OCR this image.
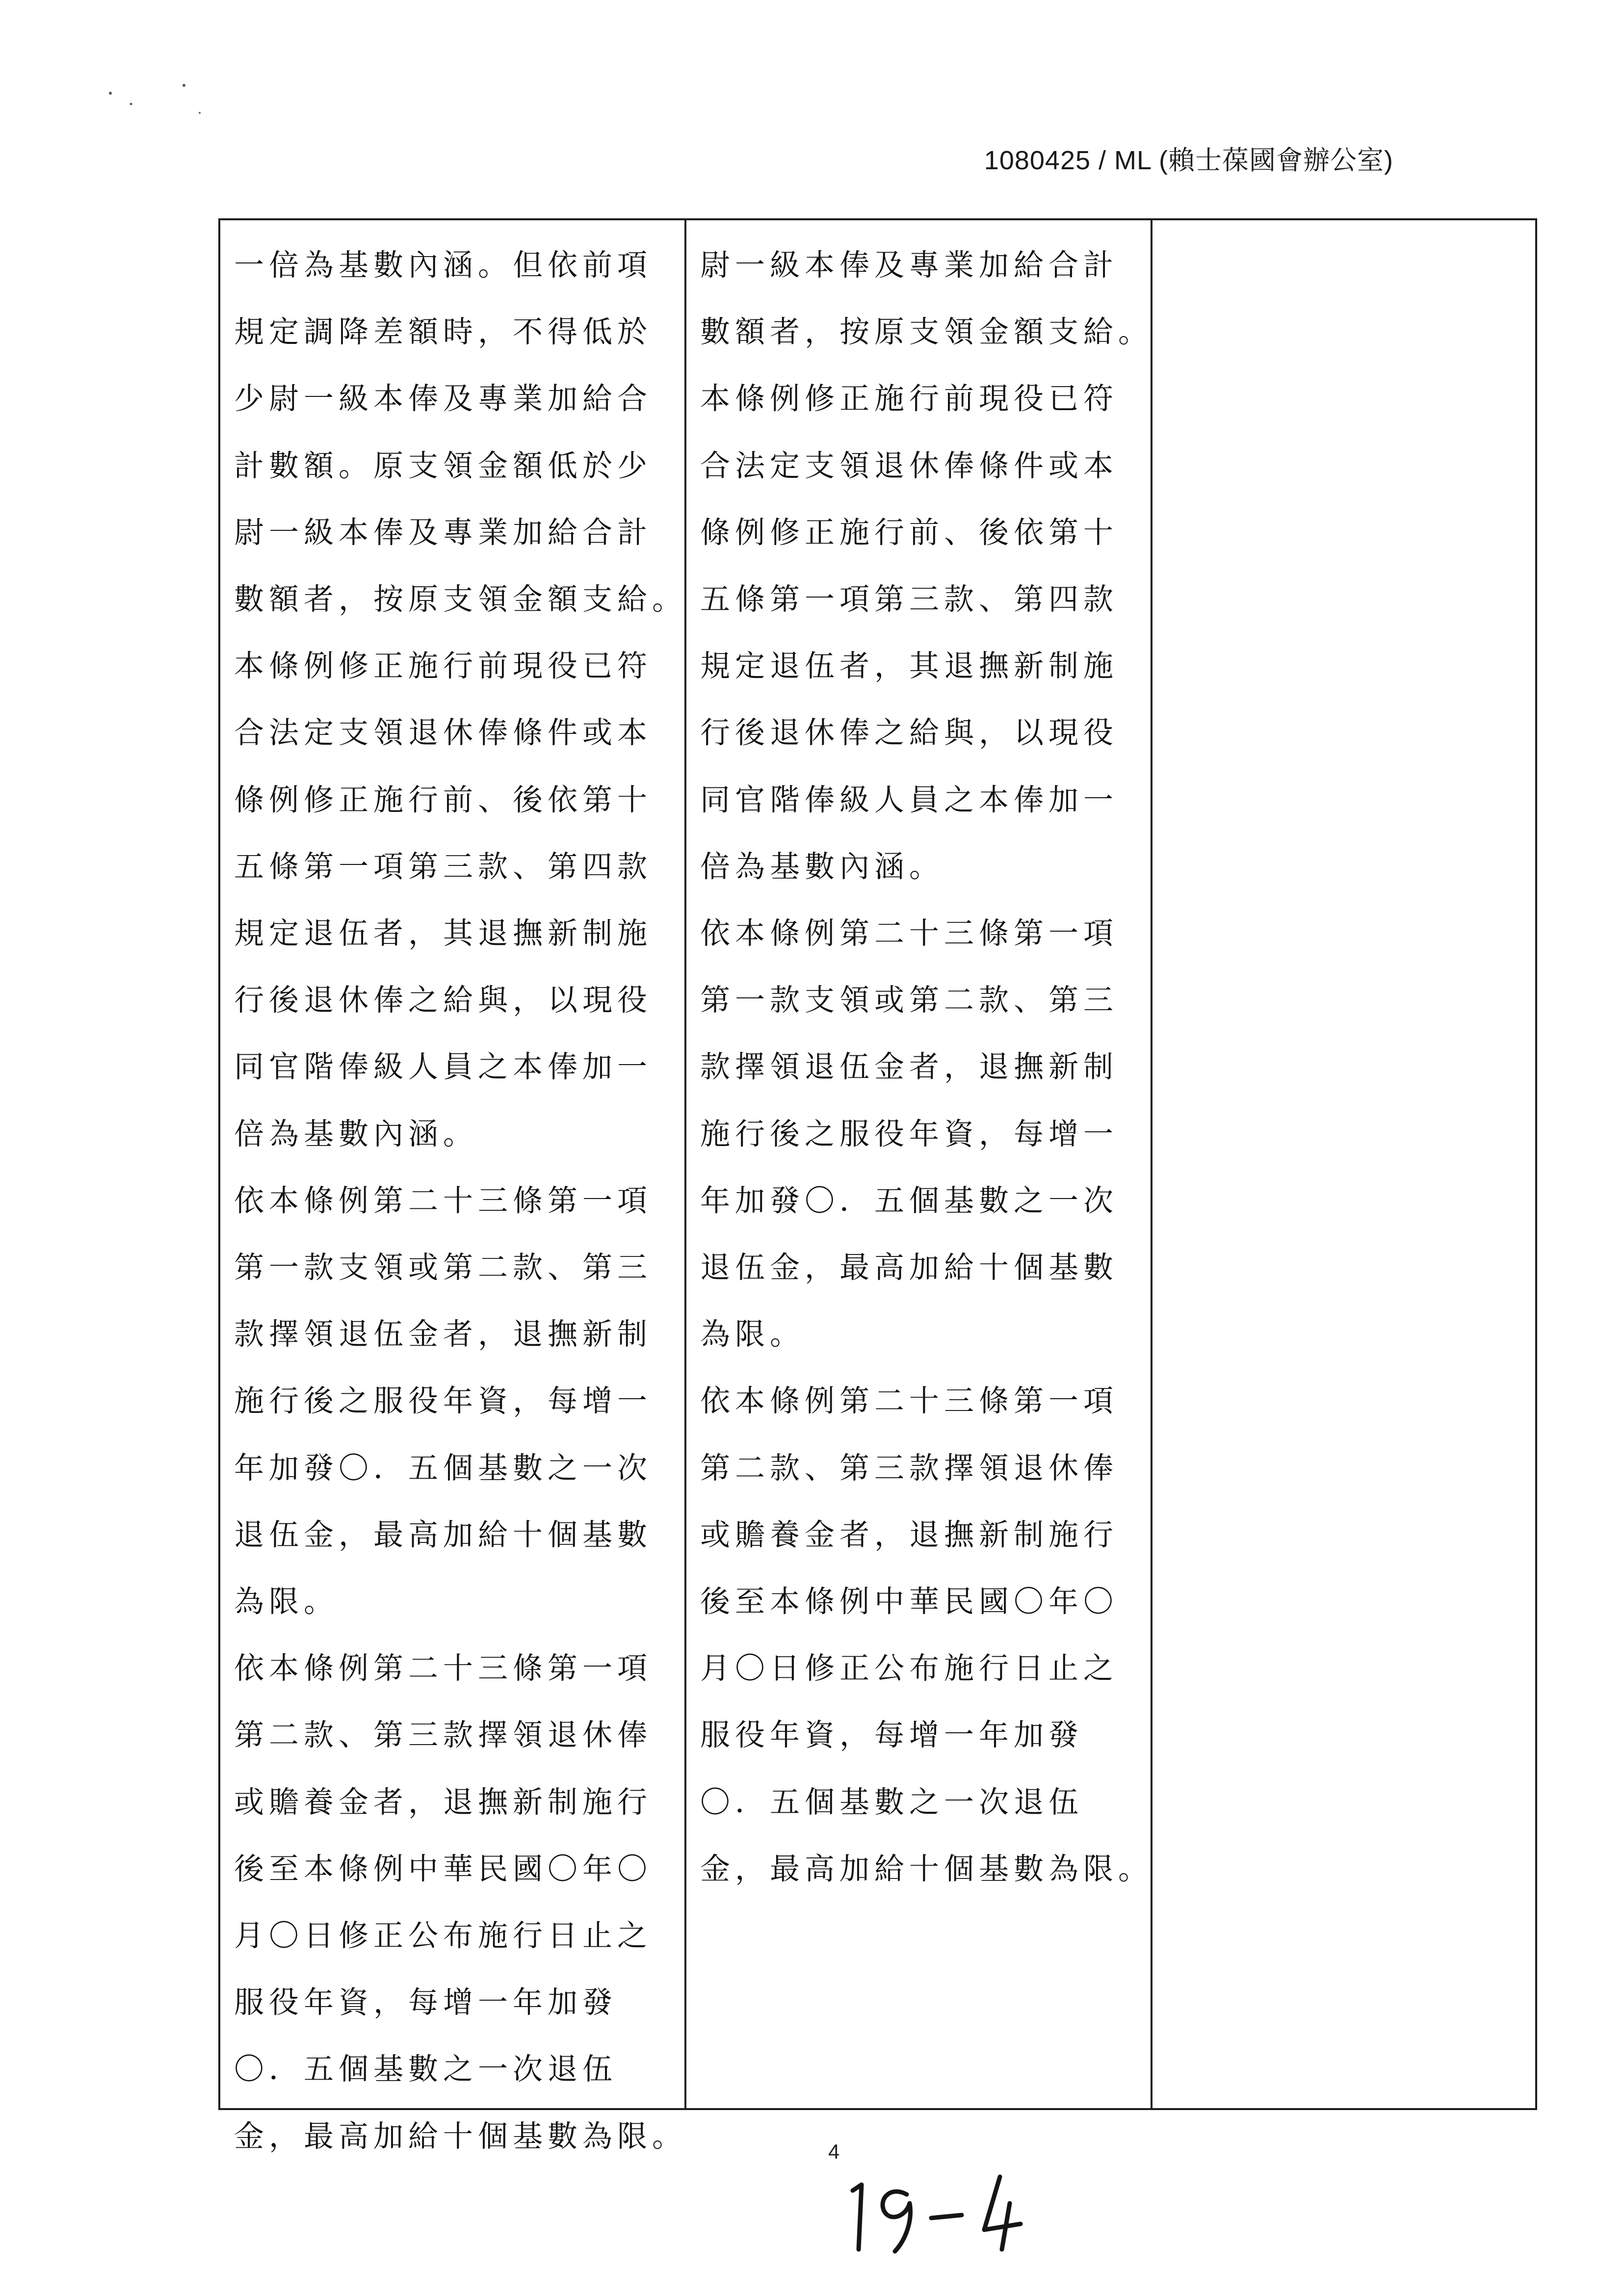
1080425 / ML (賴士葆國會辦公室)
一倍為基數內涵。但依前項
規定調降差額時，不得低於
少尉一級本俸及專業加給合
計數額。原支領金額低於少
尉一級本俸及專業加給合計
數額者，按原支領金額支給。
本條例修正施行前現役已符
合法定支領退休俸條件或本
條例修正施行前、後依第十
五條第一項第三款、第四款
規定退伍者，其退撫新制施
行後退休俸之給與，以現役
同官階俸級人員之本俸加一
倍為基數內涵。
依本條例第二十三條第一項
第一款支領或第二款、第三
款擇領退伍金者，退撫新制
施行後之服役年資，每增一
年加發〇．五個基數之一次
退伍金，最高加給十個基數
為限。
依本條例第二十三條第一項
第二款、第三款擇領退休俸
或贍養金者，退撫新制施行
後至本條例中華民國〇年〇
月〇日修正公布施行日止之
服役年資，每增一年加發
〇．五個基數之一次退伍
金，最高加給十個基數為限。
尉一級本俸及專業加給合計
數額者，按原支領金額支給。
本條例修正施行前現役已符
合法定支領退休俸條件或本
條例修正施行前、後依第十
五條第一項第三款、第四款
規定退伍者，其退撫新制施
行後退休俸之給與，以現役
同官階俸級人員之本俸加一
倍為基數內涵。
依本條例第二十三條第一項
第一款支領或第二款、第三
款擇領退伍金者，退撫新制
施行後之服役年資，每增一
年加發〇．五個基數之一次
退伍金，最高加給十個基數
為限。
依本條例第二十三條第一項
第二款、第三款擇領退休俸
或贍養金者，退撫新制施行
後至本條例中華民國〇年〇
月〇日修正公布施行日止之
服役年資，每增一年加發
〇．五個基數之一次退伍
金，最高加給十個基數為限。
4
